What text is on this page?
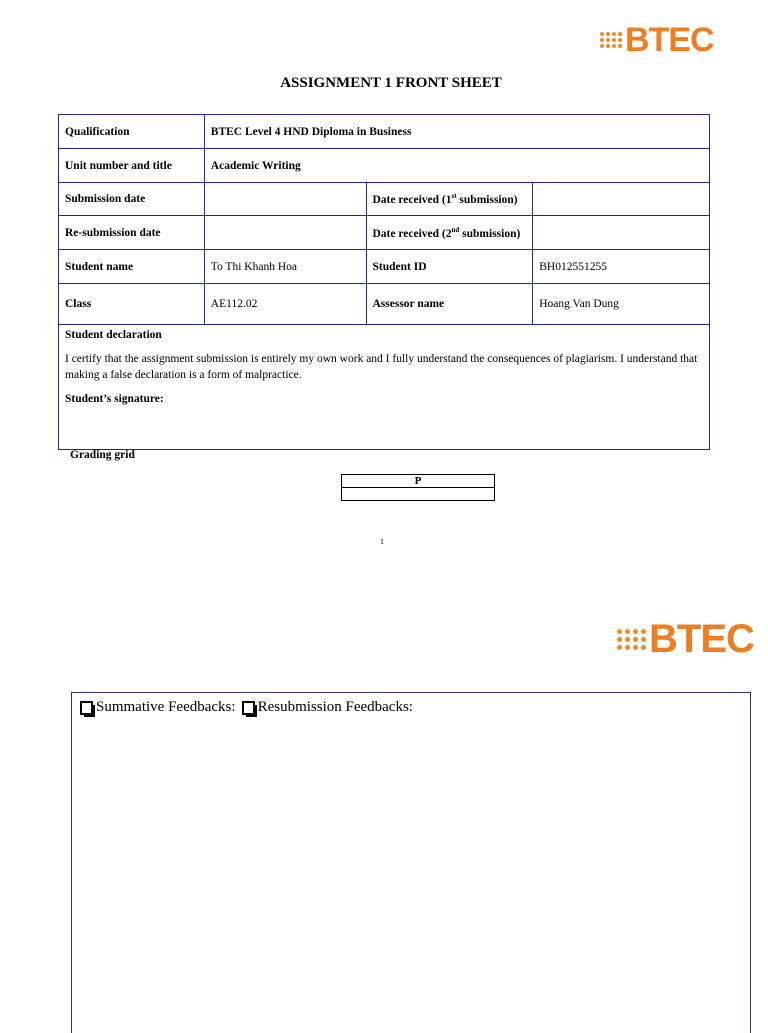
BTEC
ASSIGNMENT 1 FRONT SHEET
Qualification	BTEC Level 4 HND Diploma in Business		
Unit number and title	Academic Writing		
Submission date		Date received (1st submission)	
Re-submission date		Date received (2nd submission)	
Student name	To Thi Khanh Hoa	Student ID	BH012551255
Class	AE112.02	Assessor name	Hoang Van Dung

Student declaration
I certify that the assignment submission is entirely my own work and I fully understand the consequences of plagiarism. I understand that making a false declaration is a form of malpractice.
Student’s signature:			
Grading grid
P

1
BTEC
Summative Feedbacks: Resubmission Feedbacks:
